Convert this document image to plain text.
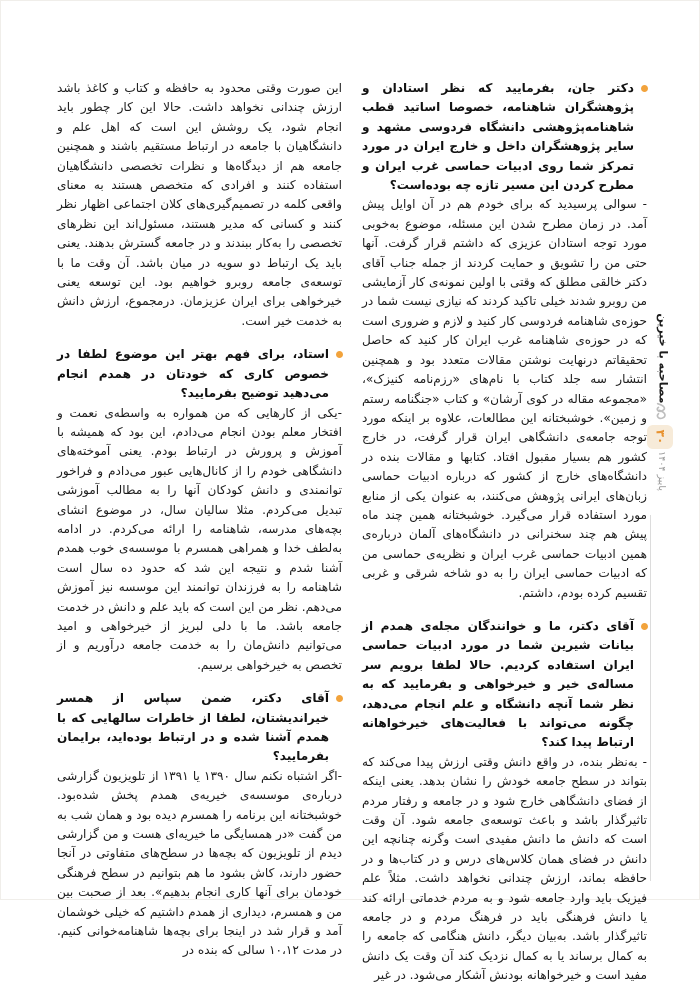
دکتر جان، بفرمایید که نظر استادان و پژوهشگران شاهنامه، خصوصا اساتید قطب شاهنامه‌پژوهشی دانشگاه فردوسی مشهد و سایر پژوهشگران داخل و خارج ایران در مورد تمرکز شما روی ادبیات حماسی غرب ایران و مطرح کردن این مسیر تازه چه بوده‌است؟

- سوالی پرسیدید که برای خودم هم در آن اوایل پیش آمد. در زمان مطرح شدن این مسئله، موضوع به‌خوبی مورد توجه استادان عزیزی که داشتم قرار گرفت. آنها حتی من را تشویق و حمایت کردند از جمله جناب آقای دکتر خالقی مطلق که وقتی با اولین نمونه‌ی کار آزمایشی من روبرو شدند خیلی تاکید کردند که نیازی نیست شما در حوزه‌ی شاهنامه فردوسی کار کنید و لازم و ضروری است که در حوزه‌ی شاهنامه غرب ایران کار کنید که حاصل تحقیقاتم درنهایت نوشتن مقالات متعدد بود و همچنین انتشار سه جلد کتاب با نام‌های «رزم‌نامه کنیزک»، «مجموعه مقاله در کوی آرشان» و کتاب «جنگنامه رستم و زمین». خوشبختانه این مطالعات، علاوه بر اینکه مورد توجه جامعه‌ی دانشگاهی ایران قرار گرفت، در خارج کشور هم بسیار مقبول افتاد. کتابها و مقالات بنده در دانشگاه‌های خارج از کشور که درباره ادبیات حماسی زبان‌های ایرانی پژوهش می‌کنند، به عنوان یکی از منابع مورد استفاده قرار می‌گیرد. خوشبختانه همین چند ماه پیش هم چند سخنرانی در دانشگاه‌های آلمان درباره‌ی همین ادبیات حماسی غرب ایران و نظریه‌ی حماسی من که ادبیات حماسی ایران را به دو شاخه شرقی و غربی تقسیم کرده بودم، داشتم.

آقای دکتر، ما و خوانندگان مجله‌ی همدم از بیانات شیرین شما در مورد ادبیات حماسی ایران استفاده کردیم. حالا لطفا برویم سر مساله‌ی خیر و خیرخواهی و بفرمایید که به نظر شما آنچه دانشگاه و علم انجام می‌دهد، چگونه می‌تواند با فعالیت‌های خیرخواهانه ارتباط پیدا کند؟

- به‌نظر بنده، در واقع دانش وقتی ارزش پیدا می‌کند که بتواند در سطح جامعه خودش را نشان بدهد. یعنی اینکه از فضای دانشگاهی خارج شود و در جامعه و رفتار مردم تاثیرگذار باشد و باعث توسعه‌ی جامعه شود. آن وقت است که دانش ما دانش مفیدی است وگرنه چنانچه این دانش در فضای همان کلاس‌های درس و در کتاب‌ها و در حافظه بماند، ارزش چندانی نخواهد داشت. مثلاً علم فیزیک باید وارد جامعه شود و به مردم خدماتی ارائه کند یا دانش فرهنگی باید در فرهنگ مردم و در جامعه تاثیرگذار باشد. به‌بیان دیگر، دانش هنگامی که جامعه را به کمال برساند یا به کمال نزدیک کند آن وقت یک دانش مفید است و خیرخواهانه بودنش آشکار می‌شود. در غیر

این صورت وقتی محدود به حافظه و کتاب و کاغذ باشد ارزش چندانی نخواهد داشت. حالا این کار چطور باید انجام شود، یک روشش این است که اهل علم و دانشگاهیان با جامعه در ارتباط مستقیم باشند و همچنین جامعه هم از دیدگاه‌ها و نظرات تخصصی دانشگاهیان استفاده کنند و افرادی که متخصص هستند به معنای واقعی کلمه در تصمیم‌گیری‌های کلان اجتماعی اظهار نظر کنند و کسانی که مدیر هستند، مسئول‌اند این نظرهای تخصصی را به‌کار ببندند و در جامعه گسترش بدهند. یعنی باید یک ارتباط دو سویه در میان باشد. آن وقت ما با توسعه‌ی جامعه روبرو خواهیم بود. این توسعه یعنی خیرخواهی برای ایران عزیزمان. درمجموع، ارزش دانش به خدمت خیر است.

استاد، برای فهم بهتر این موضوع لطفا در خصوص کاری که خودتان در همدم انجام می‌دهید توضیح بفرمایید؟

-یکی از کارهایی که من همواره به واسطه‌ی نعمت و افتخار معلم بودن انجام می‌دادم، این بود که همیشه با آموزش و پرورش در ارتباط بودم. یعنی آموخته‌های دانشگاهی خودم را از کانال‌هایی عبور می‌دادم و فراخور توانمندی و دانش کودکان آنها را به مطالب آموزشی تبدیل می‌کردم. مثلا سالیان سال، در موضوع انشای بچه‌های مدرسه، شاهنامه را ارائه می‌کردم. در ادامه به‌لطف خدا و همراهی همسرم با موسسه‌ی خوب همدم آشنا شدم و نتیجه این شد که حدود ده سال است شاهنامه را به فرزندان توانمند این موسسه نیز آموزش می‌دهم. نظر من این است که باید علم و دانش در خدمت جامعه باشد. ما با دلی لبریز از خیرخواهی و امید می‌توانیم دانش‌مان را به خدمت جامعه درآوریم و از تخصص به خیرخواهی برسیم.

آقای دکتر، ضمن سپاس از همسر خیراندیشتان، لطفا از خاطرات سالهایی که با همدم آشنا شده و در ارتباط بوده‌اید، برایمان بفرمایید؟

-اگر اشتباه نکنم سال ۱۳۹۰ یا ۱۳۹۱ از تلویزیون گزارشی درباره‌ی موسسه‌ی خیریه‌ی همدم پخش شده‌بود. خوشبختانه این برنامه را همسرم دیده بود و همان شب به من گفت «در همسایگی ما خیریه‌ای هست و من گزارشی دیدم از تلویزیون که بچه‌ها در سطح‌های متفاوتی در آنجا حضور دارند، کاش بشود ما هم بتوانیم در سطح فرهنگی خودمان برای آنها کاری انجام بدهیم». بعد از صحبت بین من و همسرم، دیداری از همدم داشتیم که خیلی خوشمان آمد و قرار شد در اینجا برای بچه‌ها شاهنامه‌خوانی کنیم. در مدت ۱۰،۱۲ سالی که بنده در

مصاحبه با خیرین
۳۰
پاییز ۱۴۰۴
